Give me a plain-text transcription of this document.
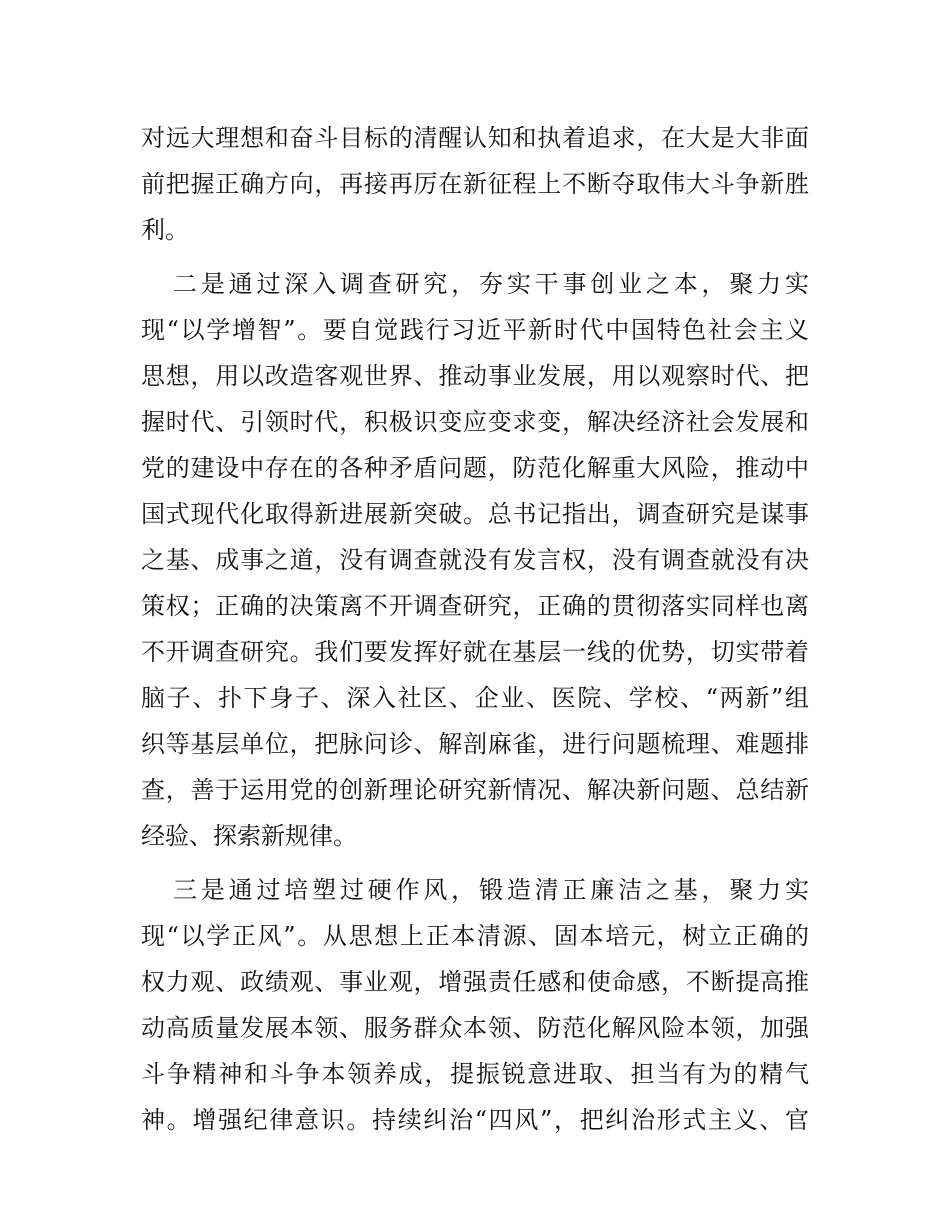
对远大理想和奋斗目标的清醒认知和执着追求，在大是大非面
前把握正确方向，再接再厉在新征程上不断夺取伟大斗争新胜
利。
二是通过深入调查研究，夯实干事创业之本，聚力实
现“以学增智”。要自觉践行习近平新时代中国特色社会主义
思想，用以改造客观世界、推动事业发展，用以观察时代、把
握时代、引领时代，积极识变应变求变，解决经济社会发展和
党的建设中存在的各种矛盾问题，防范化解重大风险，推动中
国式现代化取得新进展新突破。总书记指出，调查研究是谋事
之基、成事之道，没有调查就没有发言权，没有调查就没有决
策权；正确的决策离不开调查研究，正确的贯彻落实同样也离
不开调查研究。我们要发挥好就在基层一线的优势，切实带着
脑子、扑下身子、深入社区、企业、医院、学校、“两新”组
织等基层单位，把脉问诊、解剖麻雀，进行问题梳理、难题排
查，善于运用党的创新理论研究新情况、解决新问题、总结新
经验、探索新规律。
三是通过培塑过硬作风，锻造清正廉洁之基，聚力实
现“以学正风”。从思想上正本清源、固本培元，树立正确的
权力观、政绩观、事业观，增强责任感和使命感，不断提高推
动高质量发展本领、服务群众本领、防范化解风险本领，加强
斗争精神和斗争本领养成，提振锐意进取、担当有为的精气
神。增强纪律意识。持续纠治“四风”，把纠治形式主义、官
